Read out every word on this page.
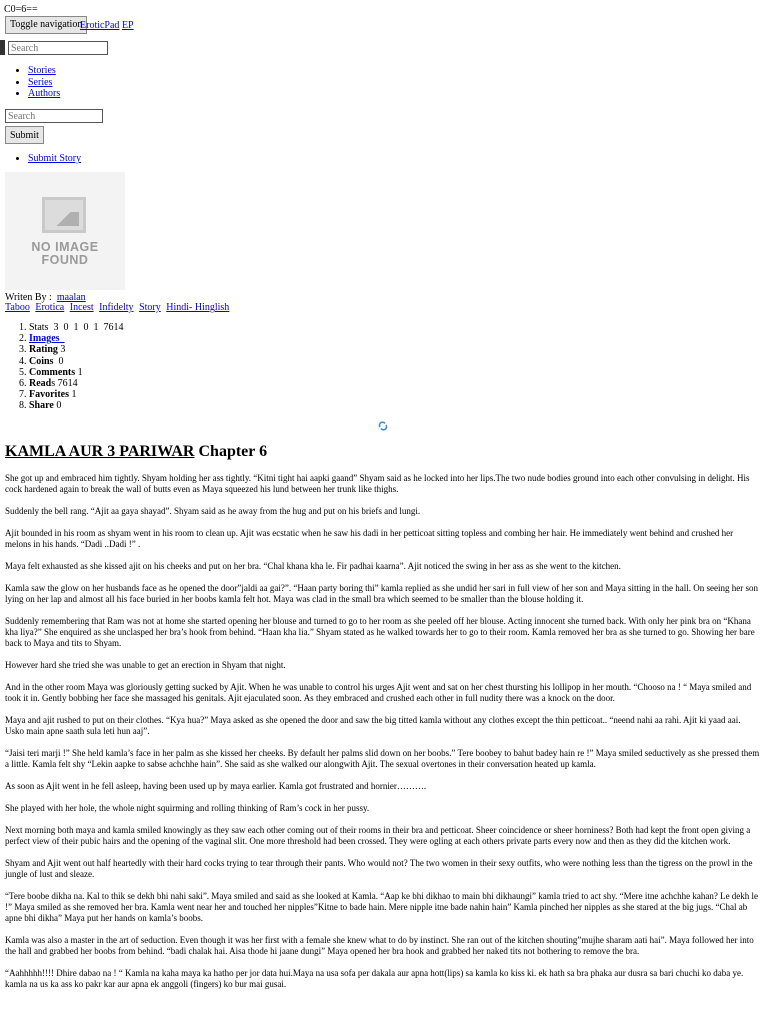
C0=6==
Toggle navigation
EroticPad EP
Search
• Stories
• Series
• Authors
Search
Submit
• Submit Story
NO IMAGE
FOUND
Writen By : maalan
Taboo Erotica Incest Infidelty Story Hindi- Hinglish
1. Stats 3  0  1  0  1  7614
2. Images
3. Rating 3
4. Coins 0
5. Comments 1
6. Reads 7614
7. Favorites 1
8. Share 0
KAMLA AUR 3 PARIWAR Chapter 6

She got up and embraced him tightly. Shyam holding her ass tightly. “Kitni tight hai aapki gaand” Shyam said as he locked into her lips.The two nude bodies ground into each other convulsing in delight. His cock hardened again to break the wall of butts even as Maya squeezed his lund between her trunk like thighs.

Suddenly the bell rang. “Ajit aa gaya shayad”. Shyam said as he away from the hug and put on his briefs and lungi.

Ajit bounded in his room as shyam went in his room to clean up. Ajit was ecstatic when he saw his dadi in her petticoat sitting topless and combing her hair. He immediately went behind and crushed her melons in his hands. “Dadi ..Dadi !” .

Maya felt exhausted as she kissed ajit on his cheeks and put on her bra. “Chal khana kha le. Fir padhai kaarna”. Ajit noticed the swing in her ass as she went to the kitchen.

Kamla saw the glow on her husbands face as he opened the door”jaldi aa gai?”. “Haan party boring thi” kamla replied as she undid her sari in full view of her son and Maya sitting in the hall. On seeing her son lying on her lap and almost all his face buried in her boobs kamla felt hot. Maya was clad in the small bra which seemed to be smaller than the blouse holding it.

Suddenly remembering that Ram was not at home she started opening her blouse and turned to go to her room as she peeled off her blouse. Acting innocent she turned back. With only her pink bra on “Khana kha liya?” She enquired as she unclasped her bra’s hook from behind. “Haan kha lia.” Shyam stated as he walked towards her to go to their room. Kamla removed her bra as she turned to go. Showing her bare back to Maya and tits to Shyam.

However hard she tried she was unable to get an erection in Shyam that night.

And in the other room Maya was gloriously getting sucked by Ajit. When he was unable to control his urges Ajit went and sat on her chest thursting his lollipop in her mouth. “Chooso na ! “ Maya smiled and took it in. Gently bobbing her face she massaged his genitals. Ajit ejaculated soon. As they embraced and crushed each other in full nudity there was a knock on the door.

Maya and ajit rushed to put on their clothes. “Kya hua?” Maya asked as she opened the door and saw the big titted kamla without any clothes except the thin petticoat.. “neend nahi aa rahi. Ajit ki yaad aai. Usko main apne saath sula leti hun aaj”.

“Jaisi teri marji !” She held kamla’s face in her palm as she kissed her cheeks. By default her palms slid down on her boobs.” Tere boobey to bahut badey hain re !” Maya smiled seductively as she pressed them a little. Kamla felt shy “Lekin aapke to sabse achchhe hain”. She said as she walked our alongwith Ajit. The sexual overtones in their conversation heated up kamla.

As soon as Ajit went in he fell asleep, having been used up by maya earlier. Kamla got frustrated and hornier……….

She played with her hole, the whole night squirming and rolling thinking of Ram’s cock in her pussy.

Next morning both maya and kamla smiled knowingly as they saw each other coming out of their rooms in their bra and petticoat. Sheer coincidence or sheer horniness? Both had kept the front open giving a perfect view of their pubic hairs and the opening of the vaginal slit. One more threshold had been crossed. They were ogling at each others private parts every now and then as they did the kitchen work.

Shyam and Ajit went out half heartedly with their hard cocks trying to tear through their pants. Who would not? The two women in their sexy outfits, who were nothing less than the tigress on the prowl in the jungle of lust and sleaze.

“Tere boobe dikha na. Kal to thik se dekh bhi nahi saki”. Maya smiled and said as she looked at Kamla. “Aap ke bhi dikhao to main bhi dikhaungi” kamla tried to act shy. “Mere itne achchhe kahan? Le dekh le !” Maya smiled as she removed her bra. Kamla went near her and touched her nipples”Kitne to bade hain. Mere nipple itne bade nahin hain” Kamla pinched her nipples as she stared at the big jugs. “Chal ab apne bhi dikha” Maya put her hands on kamla’s boobs.

Kamla was also a master in the art of seduction. Even though it was her first with a female she knew what to do by instinct. She ran out of the kitchen shouting”mujhe sharam aati hai”. Maya followed her into the hall and grabbed her boobs from behind. “badi chalak hai. Aisa thode hi jaane dungi” Maya opened her bra hook and grabbed her naked tits not bothering to remove the bra.

“Aahhhhh!!!! Dhire dabao na ! “ Kamla na kaha maya ka hatho per jor data hui.Maya na usa sofa per dakala aur apna hott(lips) sa kamla ko kiss ki. ek hath sa bra phaka aur dusra sa bari chuchi ko daba ye. kamla na us ka ass ko pakr kar aur apna ek anggoli (fingers) ko bur mai gusai.
